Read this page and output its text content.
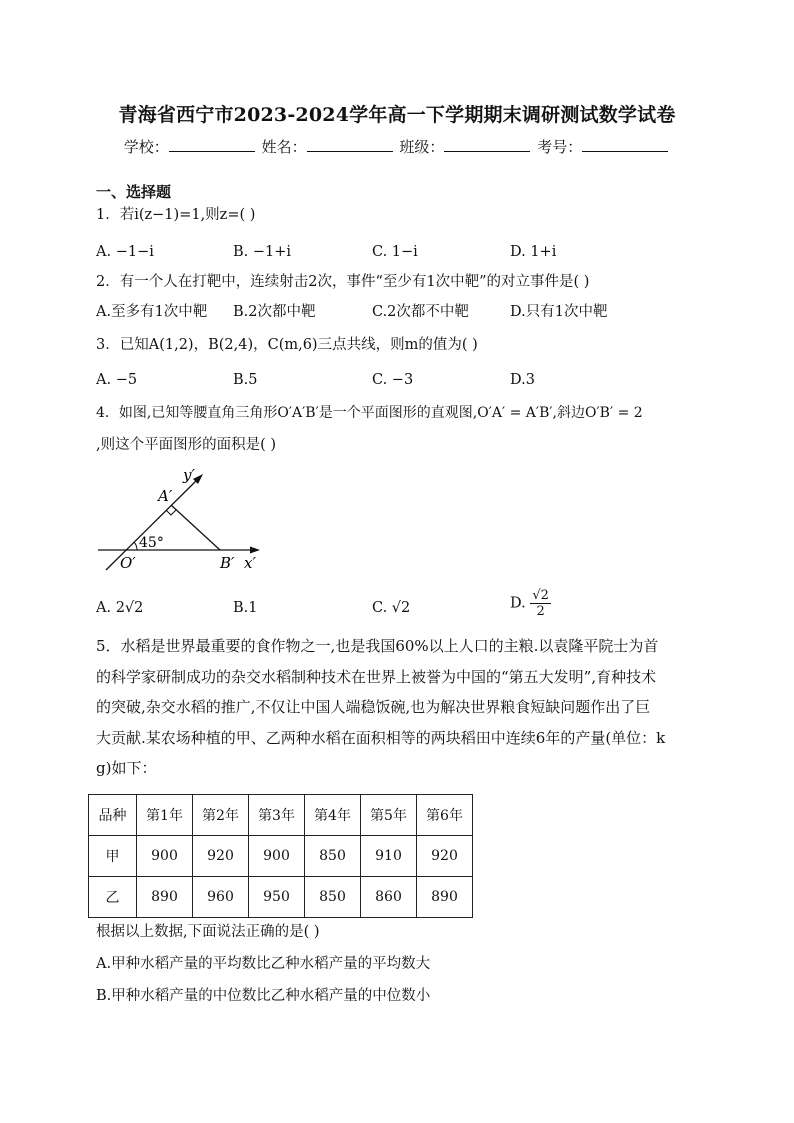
青海省西宁市2023-2024学年高一下学期期末调研测试数学试卷
学校：	姓名：	班级：	考号：
一、选择题
1．若i(z−1)=1,则z=( )
A. −1−i	B. −1+i	C. 1−i	D. 1+i
2．有一个人在打靶中，连续射击2次，事件“至少有1次中靶”的对立事件是( )
A.至多有1次中靶 B.2次都中靶	C.2次都不中靶	D.只有1次中靶
3．已知A(1,2)，B(2,4)，C(m,6)三点共线，则m的值为( )
A. −5	B.5	C. −3	D.3
4．如图,已知等腰直角三角形O′A′B′是一个平面图形的直观图,O′A′ = A′B′,斜边O′B′ = 2
,则这个平面图形的面积是( )
y′
A′
45°
O′	B′ x′
A. 2√2	B.1	C. √2	D. $\frac{√2}{2}$
5．水稻是世界最重要的食作物之一,也是我国60%以上人口的主粮.以袁隆平院士为首
的科学家研制成功的杂交水稻制种技术在世界上被誉为中国的“第五大发明”,育种技术
的突破,杂交水稻的推广,不仅让中国人端稳饭碗,也为解决世界粮食短缺问题作出了巨
大贡献.某农场种植的甲、乙两种水稻在面积相等的两块稻田中连续6年的产量(单位：k
g)如下：
品种	第1年	第2年	第3年	第4年	第5年	第6年
甲	900	920	900	850	910	920
乙	890	960	950	850	860	890
根据以上数据,下面说法正确的是( )
A.甲种水稻产量的平均数比乙种水稻产量的平均数大
B.甲种水稻产量的中位数比乙种水稻产量的中位数小
